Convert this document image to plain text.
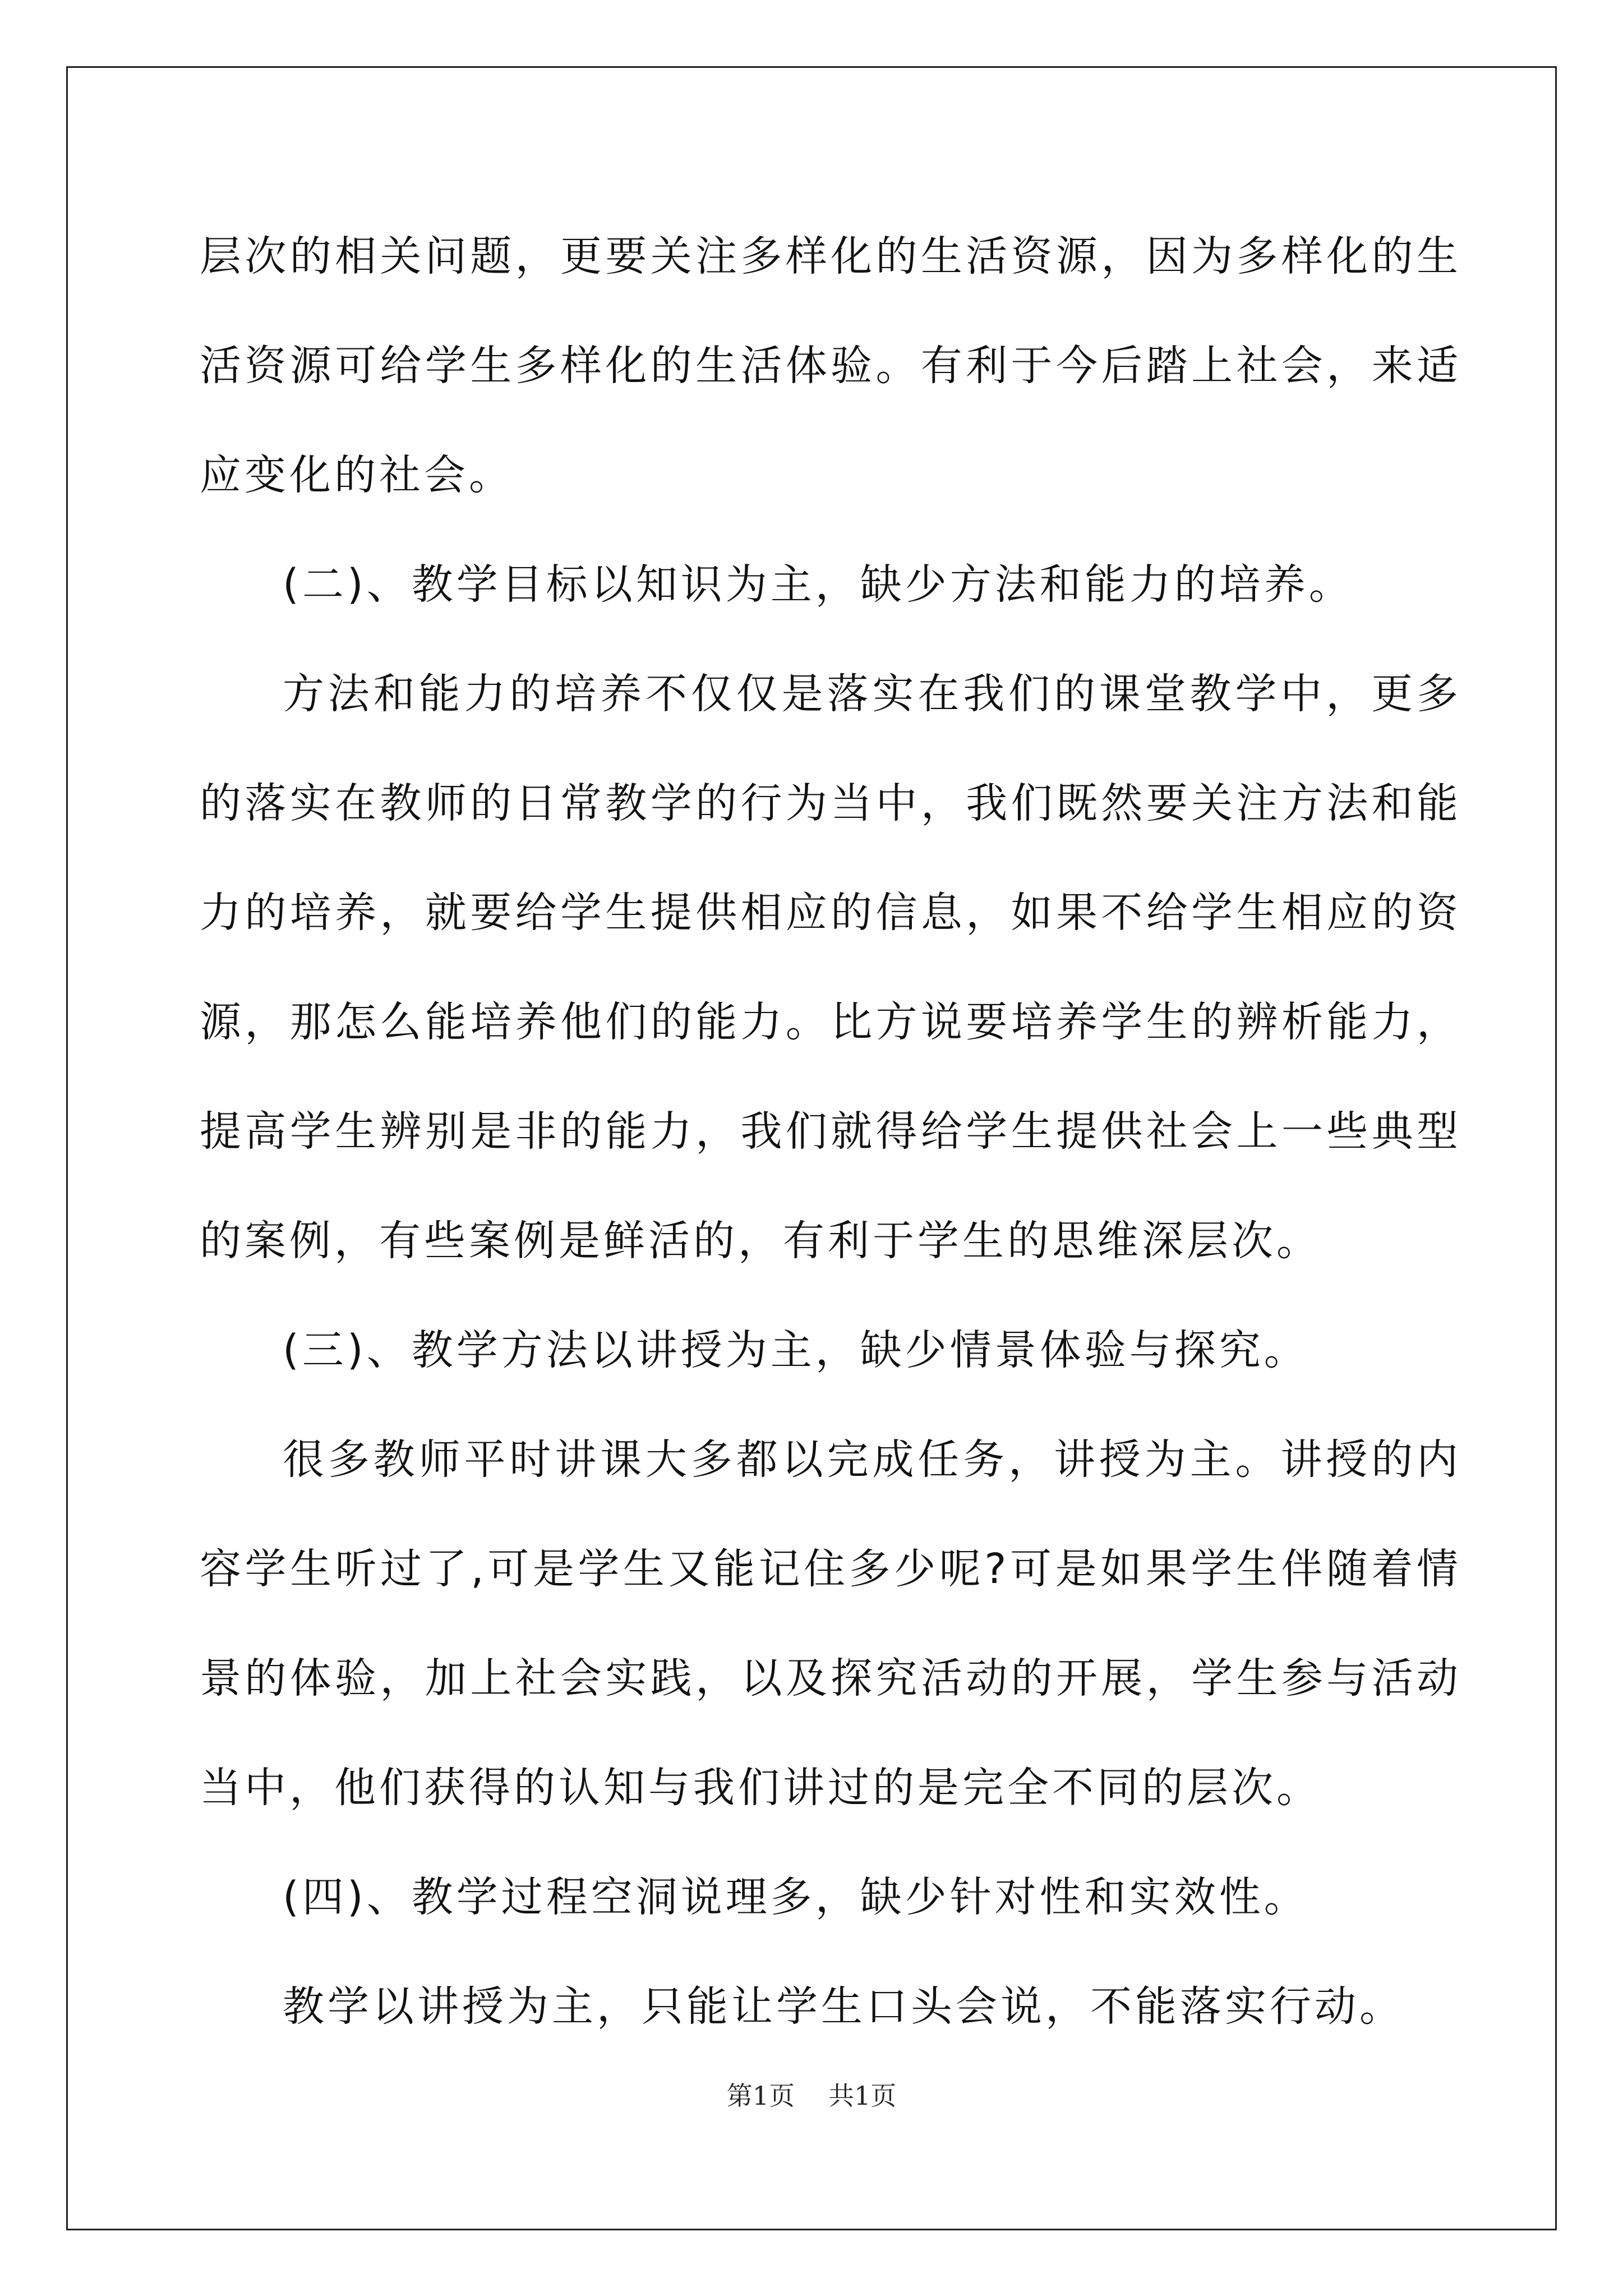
层次的相关问题，更要关注多样化的生活资源，因为多样化的生活资源可给学生多样化的生活体验。有利于今后踏上社会，来适应变化的社会。

(二)、教学目标以知识为主，缺少方法和能力的培养。

方法和能力的培养不仅仅是落实在我们的课堂教学中，更多的落实在教师的日常教学的行为当中，我们既然要关注方法和能力的培养，就要给学生提供相应的信息，如果不给学生相应的资源，那怎么能培养他们的能力。比方说要培养学生的辨析能力，提高学生辨别是非的能力，我们就得给学生提供社会上一些典型的案例，有些案例是鲜活的，有利于学生的思维深层次。

(三)、教学方法以讲授为主，缺少情景体验与探究。

很多教师平时讲课大多都以完成任务，讲授为主。讲授的内容学生听过了,可是学生又能记住多少呢?可是如果学生伴随着情景的体验，加上社会实践，以及探究活动的开展，学生参与活动当中，他们获得的认知与我们讲过的是完全不同的层次。

(四)、教学过程空洞说理多，缺少针对性和实效性。

教学以讲授为主，只能让学生口头会说，不能落实行动。

第1页 共1页
